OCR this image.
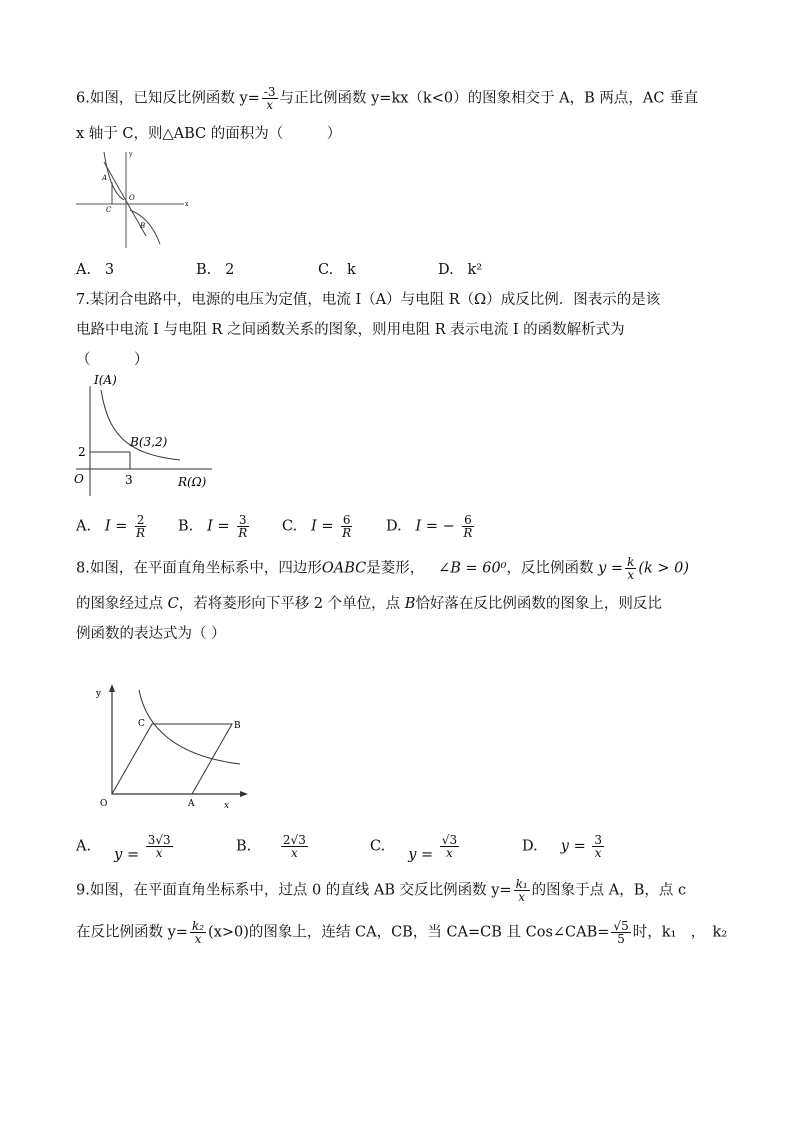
6.如图，已知反比例函数 $y= \frac{-3}{x}$ 与正比例函数 y=kx（k<0）的图象相交于 A，B 两点，AC 垂直
x 轴于 C，则△ABC 的面积为（　　　）
y
x
A
O
C
B
A. 3	B. 2	C. k	D. k²
7.某闭合电路中，电源的电压为定值，电流 I（A）与电阻 R（Ω）成反比例．图表示的是该
电路中电流 I 与电阻 R 之间函数关系的图象，则用电阻 R 表示电流 I 的函数解析式为
（　　　）
I(A)
R(Ω)
O
2
3
B(3,2)
A. $I = \frac{2}{R} B$. $I = \frac{3}{R} C$. $I = \frac{6}{R} D$. I = − $\frac{6}{R}$
8.如图，在平面直角坐标系中，四边形OABC是菱形， ∠B = 60⁰，反比例函数 $y = \frac{k}{x} (k > 0)$
的图象经过点 C，若将菱形向下平移 2 个单位，点 B恰好落在反比例函数的图象上，则反比
例函数的表达式为（ ）
y
x
O	A
B
C
A. $y = \frac{3√3}{x}$	B. $\frac{2√3}{x}$	C. $y = \frac{√3}{x}$	D. $y = \frac{3}{x}$
9.如图，在平面直角坐标系中，过点 0 的直线 AB 交反比例函数 $y= \frac{\text{k₁}}{x}$ 的图象于点 A，B，点 c
在反比例函数 $y= \frac{\text{k₂}}{x} (x>0)$的图象上，连结 CA，CB，当 CA=CB 且 Cos∠CAB= $\frac{√5}{5}$ 时，k₁　，　k₂
